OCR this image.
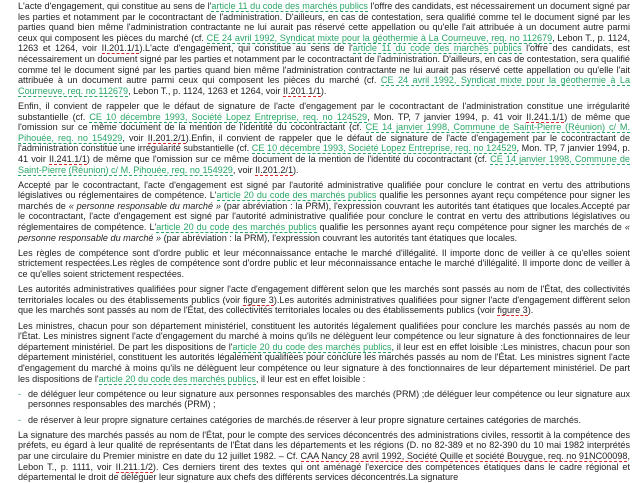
L'acte d'engagement, qui constitue au sens de l'article 11 du code des marchés publics l'offre des candidats, est nécessairement un document signé par les parties et notamment par le cocontractant de l'administration. D'ailleurs, en cas de contestation, sera qualifié comme tel le document signé par les parties quand bien même l'administration contractante ne lui aurait pas réservé cette appellation ou qu'elle l'ait attribuée à un document autre parmi ceux qui composent les pièces du marché (cf. CE 24 avril 1992, Syndicat mixte pour la géothermie à La Courneuve, req. no 112679, Lebon T., p. 1124, 1263 et 1264, voir II.201.1/1).L'acte d'engagement, qui constitue au sens de l'article 11 du code des marchés publics l'offre des candidats, est nécessairement un document signé par les parties et notamment par le cocontractant de l'administration. D'ailleurs, en cas de contestation, sera qualifié comme tel le document signé par les parties quand bien même l'administration contractante ne lui aurait pas réservé cette appellation ou qu'elle l'ait attribuée à un document autre parmi ceux qui composent les pièces du marché (cf. CE 24 avril 1992, Syndicat mixte pour la géothermie à La Courneuve, req. no 112679, Lebon T., p. 1124, 1263 et 1264, voir II.201.1/1).

Enfin, il convient de rappeler que le défaut de signature de l'acte d'engagement par le cocontractant de l'administration constitue une irrégularité substantielle (cf. CE 10 décembre 1993, Société Lopez Entreprise, req. no 124529, Mon. TP, 7 janvier 1994, p. 41 voir II.241.1/1) de même que l'omission sur ce même document de la mention de l'identité du cocontractant (cf. CE 14 janvier 1998, Commune de Saint-Pierre (Réunion) c/ M. Pihouée, req. no 154929, voir II.201.2/1).Enfin, il convient de rappeler que le défaut de signature de l'acte d'engagement par le cocontractant de l'administration constitue une irrégularité substantielle (cf. CE 10 décembre 1993, Société Lopez Entreprise, req. no 124529, Mon. TP, 7 janvier 1994, p. 41 voir II.241.1/1) de même que l'omission sur ce même document de la mention de l'identité du cocontractant (cf. CE 14 janvier 1998, Commune de Saint-Pierre (Réunion) c/ M. Pihouée, req. no 154929, voir II.201.2/1).

Accepté par le cocontractant, l'acte d'engagement est signé par l'autorité administrative qualifiée pour conclure le contrat en vertu des attributions législatives ou réglementaires de compétence. L'article 20 du code des marchés publics qualifie les personnes ayant reçu compétence pour signer les marchés de « personne responsable du marché » (par abréviation : la PRM), l'expression couvrant les autorités tant étatiques que locales.Accepté par le cocontractant, l'acte d'engagement est signé par l'autorité administrative qualifiée pour conclure le contrat en vertu des attributions législatives ou réglementaires de compétence. L'article 20 du code des marchés publics qualifie les personnes ayant reçu compétence pour signer les marchés de « personne responsable du marché » (par abréviation : la PRM), l'expression couvrant les autorités tant étatiques que locales.

Les règles de compétence sont d'ordre public et leur méconnaissance entache le marché d'illégalité. Il importe donc de veiller à ce qu'elles soient strictement respectées.Les règles de compétence sont d'ordre public et leur méconnaissance entache le marché d'illégalité. Il importe donc de veiller à ce qu'elles soient strictement respectées.

Les autorités administratives qualifiées pour signer l'acte d'engagement diffèrent selon que les marchés sont passés au nom de l'État, des collectivités territoriales locales ou des établissements publics (voir figure 3).Les autorités administratives qualifiées pour signer l'acte d'engagement diffèrent selon que les marchés sont passés au nom de l'État, des collectivités territoriales locales ou des établissements publics (voir figure 3).

Les ministres, chacun pour son département ministériel, constituent les autorités légalement qualifiées pour conclure les marchés passés au nom de l'État. Les ministres signent l'acte d'engagement du marché à moins qu'ils ne délèguent leur compétence ou leur signature à des fonctionnaires de leur département ministériel. De part les dispositions de l'article 20 du code des marchés publics, il leur est en effet loisible :Les ministres, chacun pour son département ministériel, constituent les autorités légalement qualifiées pour conclure les marchés passés au nom de l'État. Les ministres signent l'acte d'engagement du marché à moins qu'ils ne délèguent leur compétence ou leur signature à des fonctionnaires de leur département ministériel. De part les dispositions de l'article 20 du code des marchés publics, il leur est en effet loisible :

- de déléguer leur compétence ou leur signature aux personnes responsables des marchés (PRM) ;de déléguer leur compétence ou leur signature aux personnes responsables des marchés (PRM) ;
- de réserver à leur propre signature certaines catégories de marchés.de réserver à leur propre signature certaines catégories de marchés.

La signature des marchés passés au nom de l'État, pour le compte des services déconcentrés des administrations civiles, ressortit à la compétence des préfets, eu égard à leur qualité de représentants de l'État dans les départements et les régions (D. no 82-389 et no 82-390 du 10 mai 1982 interprétés par une circulaire du Premier ministre en date du 12 juillet 1982. – Cf. CAA Nancy 28 avril 1992, Société Quille et société Bouygue, req. no 91NC00098, Lebon T., p. 1111, voir II.211.1/2). Ces derniers tirent des textes qui ont aménagé l'exercice des compétences étatiques dans le cadre régional et départemental le droit de déléguer leur signature aux chefs des différents services déconcentrés.La signature
